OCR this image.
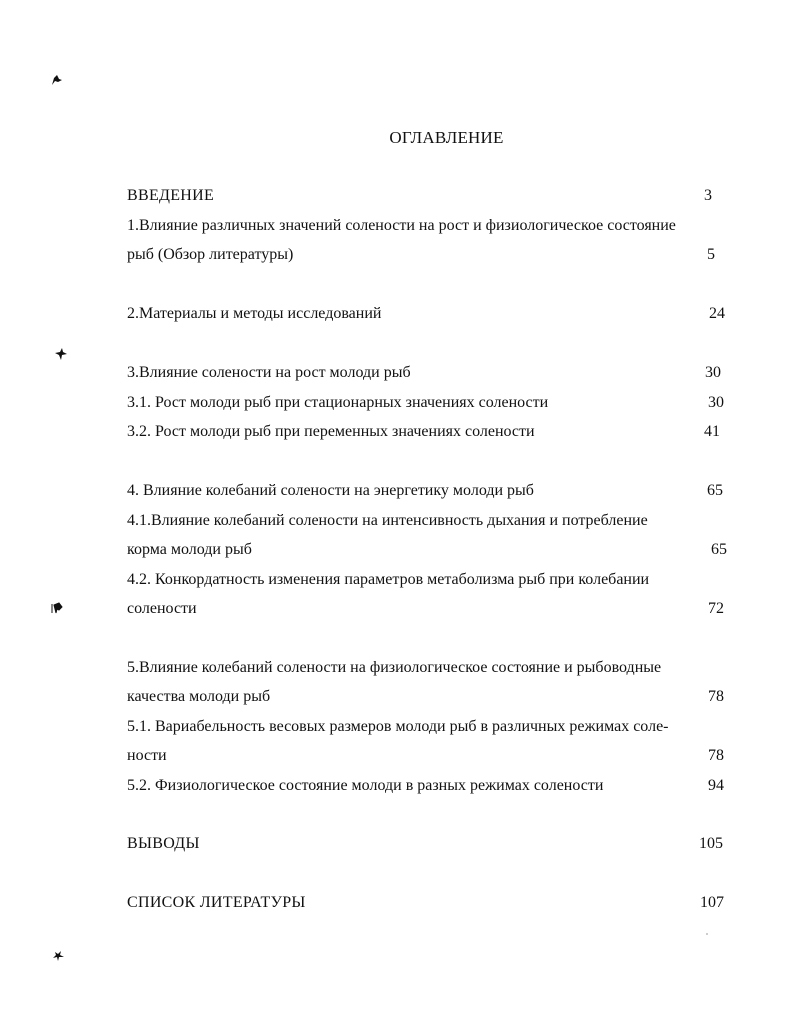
ОГЛАВЛЕНИЕ
ВВЕДЕНИЕ	3
1.Влияние различных значений солености на рост и физиологическое состояние
рыб (Обзор литературы)	5
2.Материалы и методы исследований	24
3.Влияние солености на рост молоди рыб	30
3.1. Рост молоди рыб при стационарных значениях солености	30
3.2. Рост молоди рыб при переменных значениях солености	41
4. Влияние колебаний солености на энергетику молоди рыб	65
4.1.Влияние колебаний солености на интенсивность дыхания и потребление
корма молоди рыб	65
4.2. Конкордатность изменения параметров метаболизма рыб при колебании
солености	72
5.Влияние колебаний солености на физиологическое состояние и рыбоводные
качества молоди рыб	78
5.1. Вариабельность весовых размеров молоди рыб в различных режимах соле-
ности	78
5.2. Физиологическое состояние молоди в разных режимах солености	94
ВЫВОДЫ	105
СПИСОК ЛИТЕРАТУРЫ	107
